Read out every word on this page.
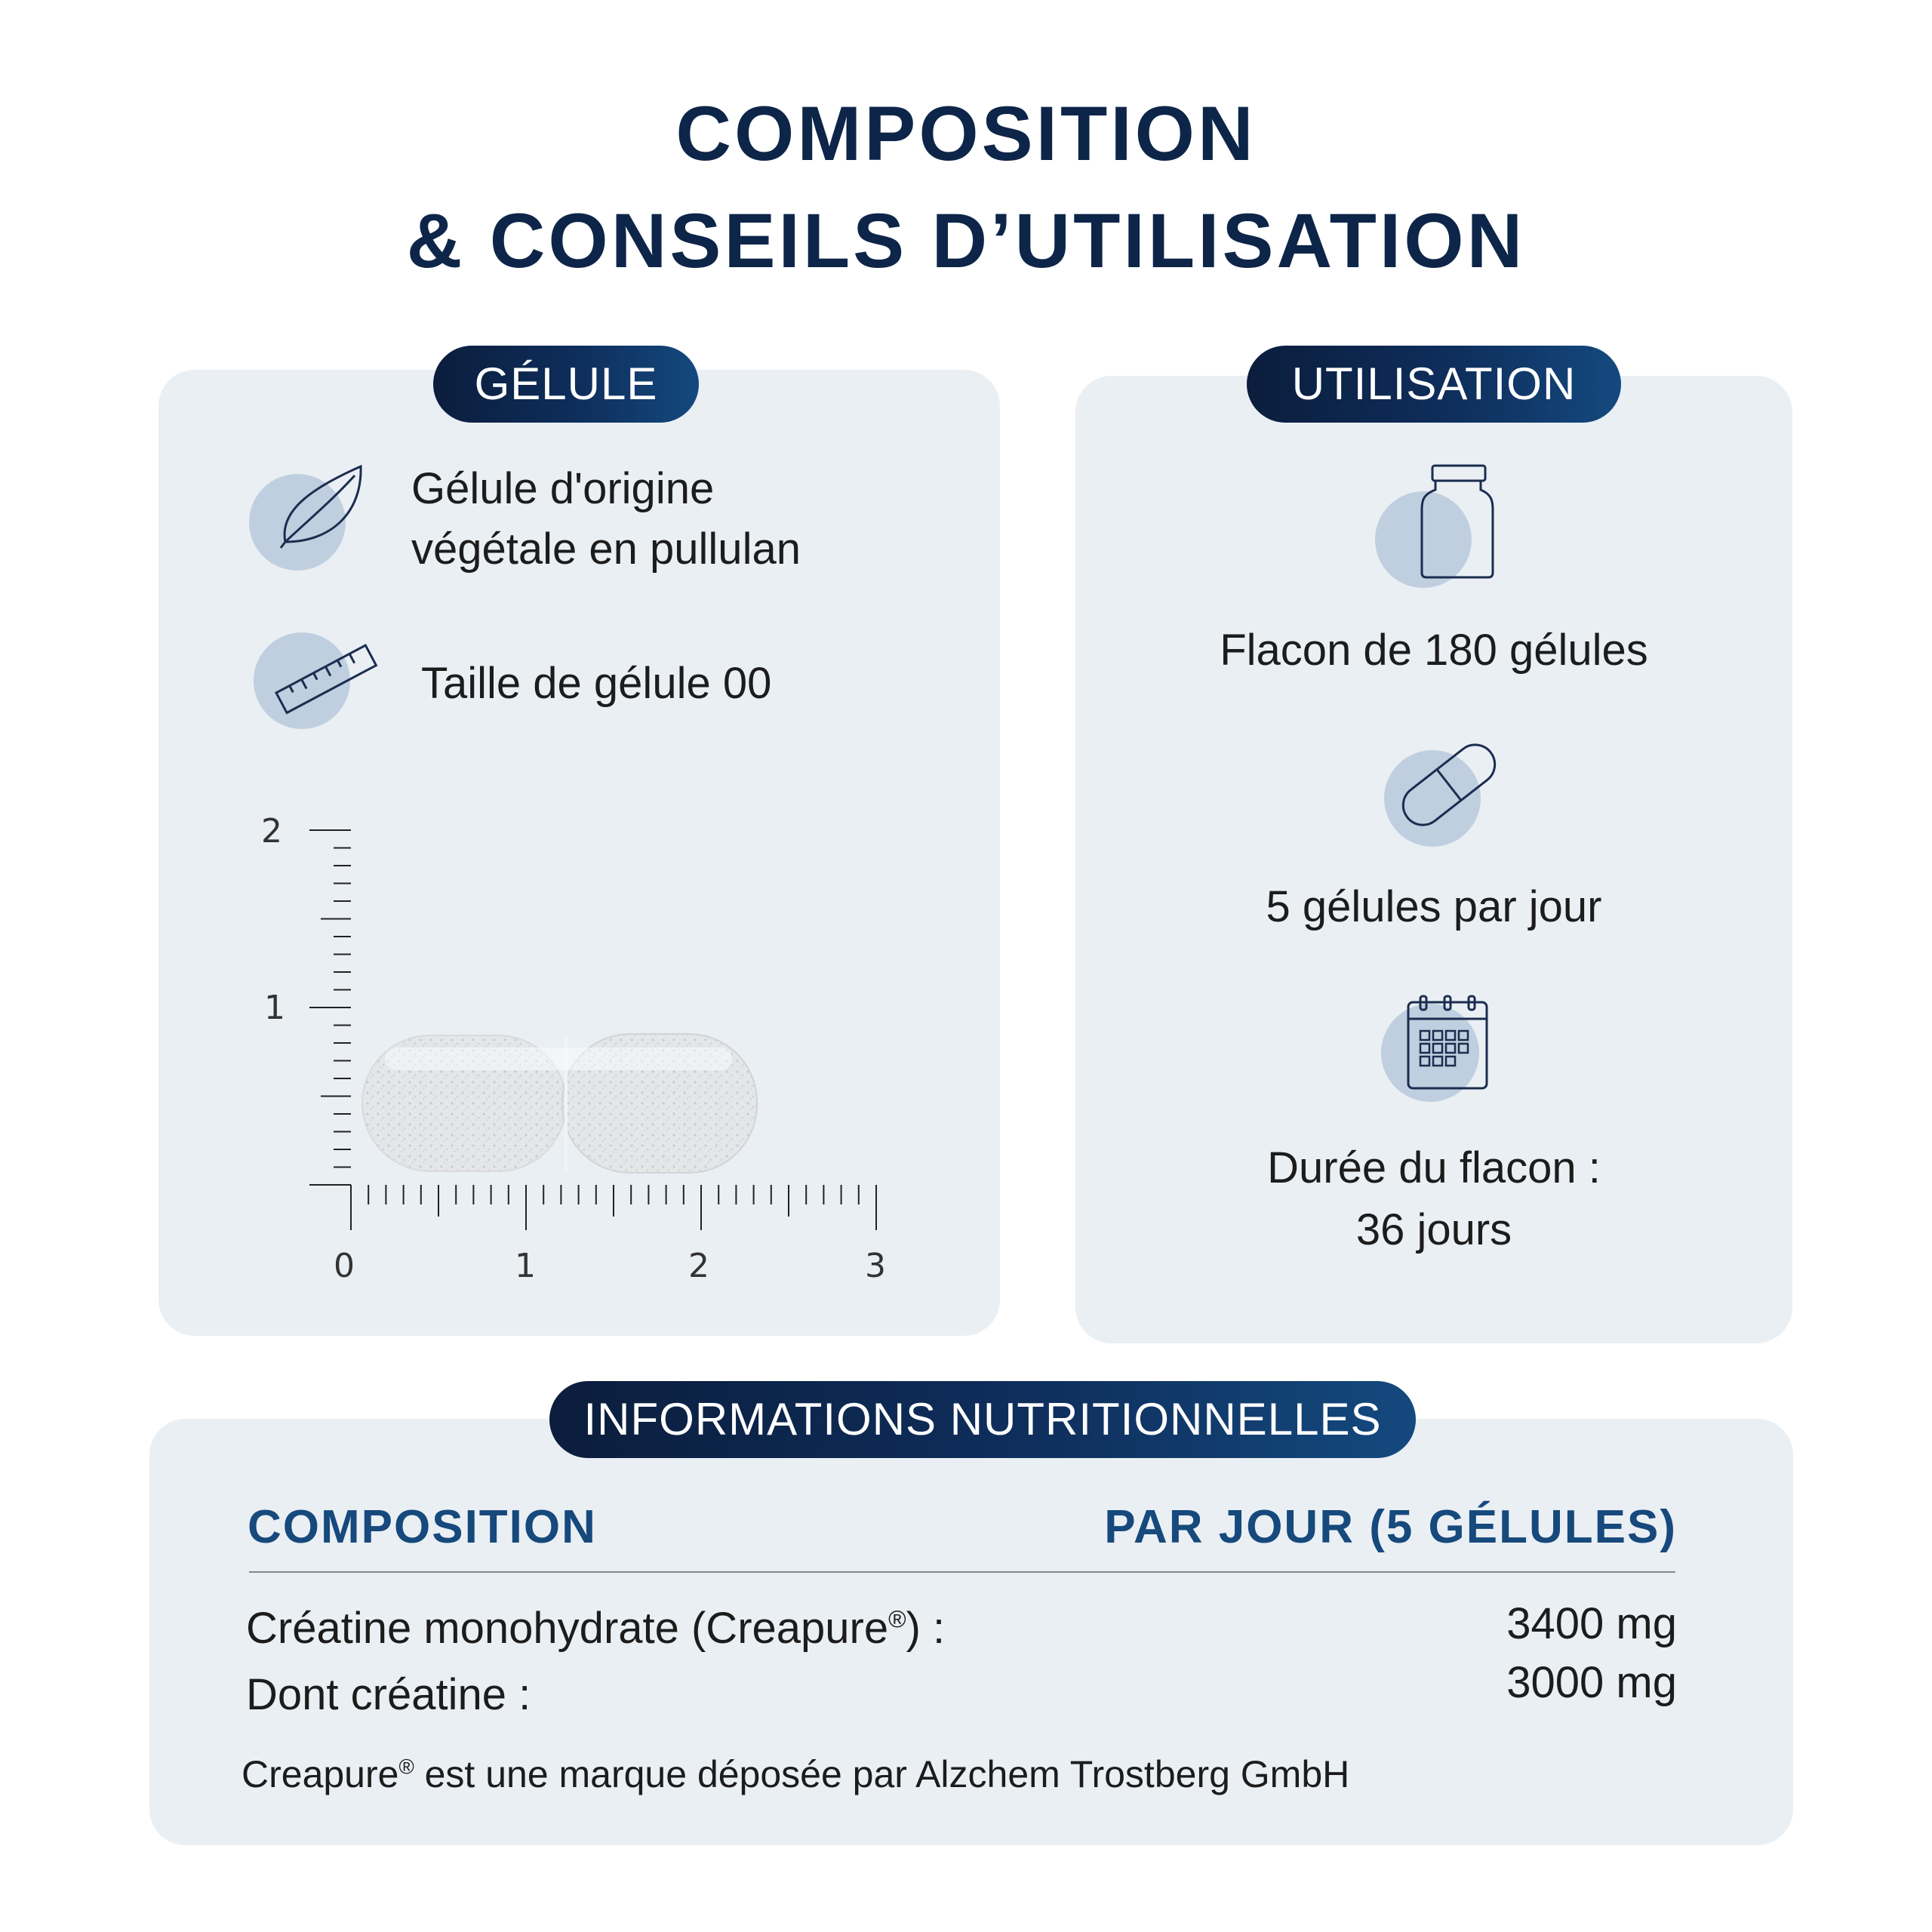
COMPOSITION
& CONSEILS D’UTILISATION
GÉLULE
Gélule d'origine
végétale en pullulan
Taille de gélule 00
2
1
0	1	2	3
UTILISATION
Flacon de 180 gélules
5 gélules par jour
Durée du flacon :
36 jours
INFORMATIONS NUTRITIONNELLES
COMPOSITION	PAR JOUR (5 GÉLULES)
Créatine monohydrate (Creapure®) :	3400 mg
Dont créatine :	3000 mg
Creapure® est une marque déposée par Alzchem Trostberg GmbH
